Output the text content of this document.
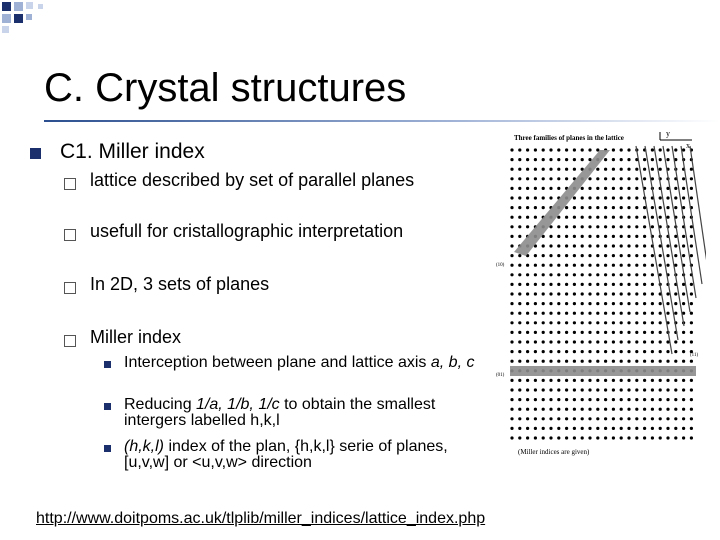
C. Crystal structures
C1. Miller index
lattice described by set of parallel planes
usefull for cristallographic interpretation
In 2D, 3 sets of planes
Miller index
Interception between plane and lattice axis a, b, c
Reducing 1/a, 1/b, 1/c to obtain the smallest intergers labelled h,k,l
(h,k,l) index of the plan, {h,k,l} serie of planes, [u,v,w] or <u,v,w> direction
http://www.doitpoms.ac.uk/tlplib/miller_indices/lattice_index.php
Three families of planes in the lattice	y
x
(10)
(01)
(11)
(Miller indices are given)
